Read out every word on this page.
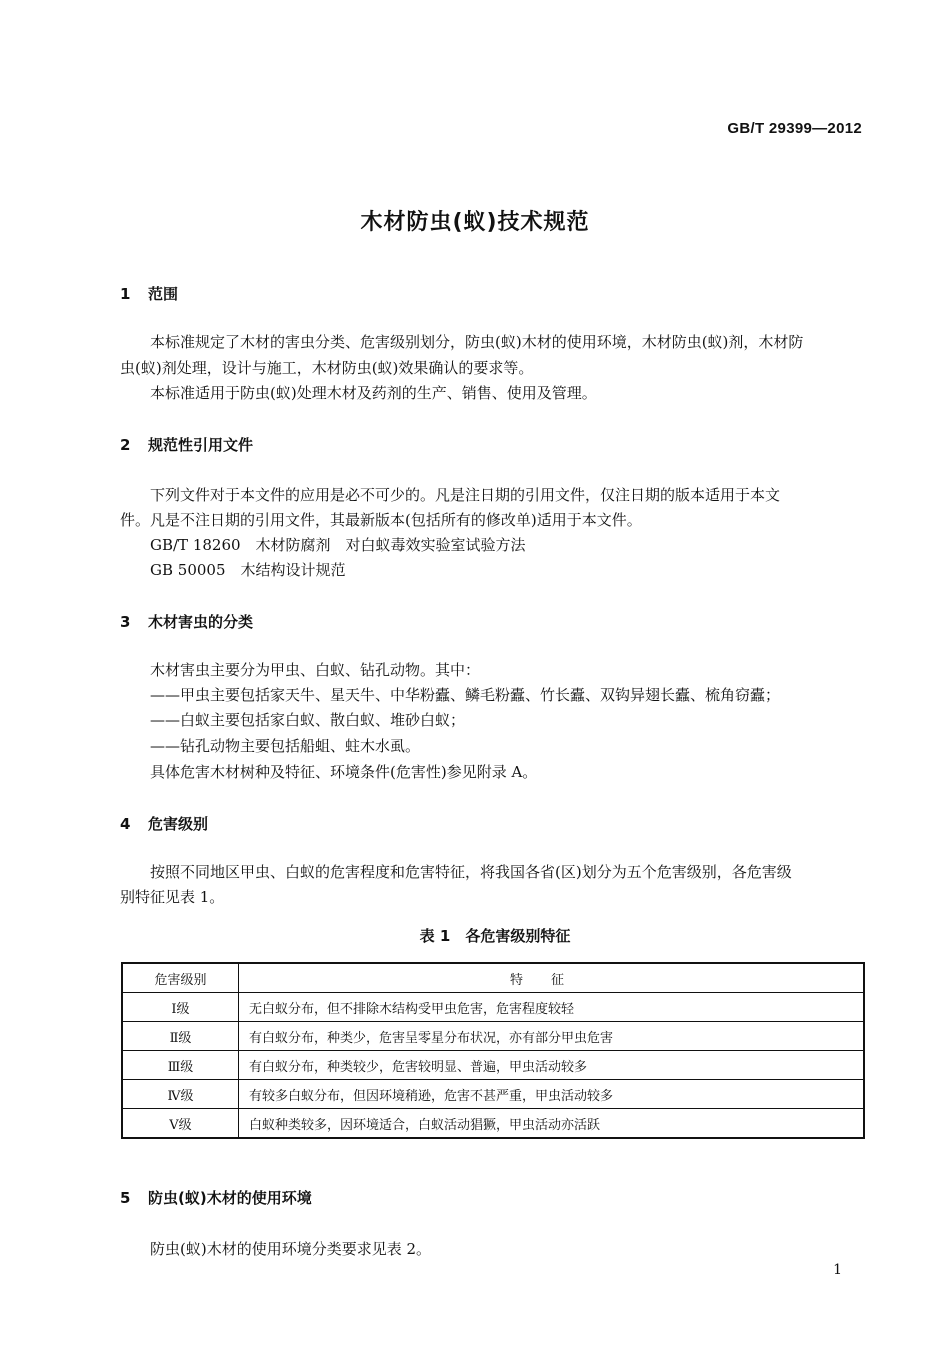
GB/T 29399—2012
木材防虫(蚁)技术规范
1 范围
本标准规定了木材的害虫分类、危害级别划分，防虫(蚁)木材的使用环境，木材防虫(蚁)剂，木材防
虫(蚁)剂处理，设计与施工，木材防虫(蚁)效果确认的要求等。
本标准适用于防虫(蚁)处理木材及药剂的生产、销售、使用及管理。
2 规范性引用文件
下列文件对于本文件的应用是必不可少的。凡是注日期的引用文件，仅注日期的版本适用于本文
件。凡是不注日期的引用文件，其最新版本(包括所有的修改单)适用于本文件。
GB/T 18260　木材防腐剂　对白蚁毒效实验室试验方法
GB 50005　木结构设计规范
3 木材害虫的分类
木材害虫主要分为甲虫、白蚁、钻孔动物。其中：
——甲虫主要包括家天牛、星天牛、中华粉蠹、鳞毛粉蠹、竹长蠹、双钩异翅长蠹、梳角窃蠹；
——白蚁主要包括家白蚁、散白蚁、堆砂白蚁；
——钻孔动物主要包括船蛆、蛀木水虱。
具体危害木材树种及特征、环境条件(危害性)参见附录 A。
4 危害级别
按照不同地区甲虫、白蚁的危害程度和危害特征，将我国各省(区)划分为五个危害级别，各危害级
别特征见表 1。
表 1　各危害级别特征
危害级别	特征
Ⅰ级	无白蚁分布，但不排除木结构受甲虫危害，危害程度较轻
Ⅱ级	有白蚁分布，种类少，危害呈零星分布状况，亦有部分甲虫危害
Ⅲ级	有白蚁分布，种类较少，危害较明显、普遍，甲虫活动较多
Ⅳ级	有较多白蚁分布，但因环境稍逊，危害不甚严重，甲虫活动较多
Ⅴ级	白蚁种类较多，因环境适合，白蚁活动猖獗，甲虫活动亦活跃
5 防虫(蚁)木材的使用环境
防虫(蚁)木材的使用环境分类要求见表 2。
1
